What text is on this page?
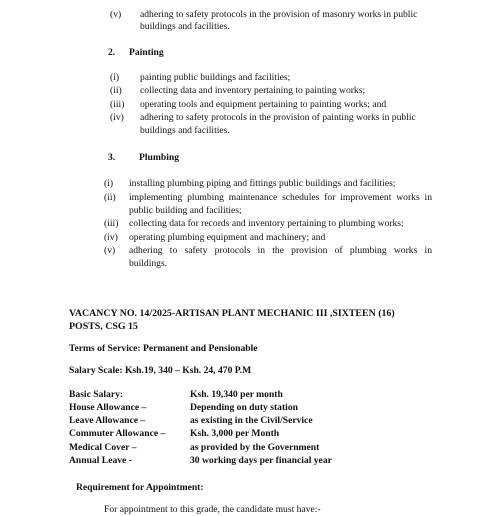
(v) adhering to safety protocols in the provision of masonry works in public
buildings and facilities.
2. Painting
(i) painting public buildings and facilities;
(ii) collecting data and inventory pertaining to painting works;
(iii) operating tools and equipment pertaining to painting works; and
(iv) adhering to safety protocols in the provision of painting works in public
buildings and facilities.
3. Plumbing
(i) installing plumbing piping and fittings public buildings and facilities;
(ii) implementing plumbing maintenance schedules for improvement works in
public building and facilities;
(iii) collecting data for records and inventory pertaining to plumbing works;
(iv) operating plumbing equipment and machinery; and
(v) adhering to safety protocols in the provision of plumbing works in
buildings.
VACANCY NO. 14/2025-ARTISAN PLANT MECHANIC III ,SIXTEEN (16)
POSTS, CSG 15
Terms of Service: Permanent and Pensionable
Salary Scale: Ksh.19, 340 – Ksh. 24, 470 P.M
Basic Salary:	Ksh. 19,340 per month
House Allowance –	Depending on duty station
Leave Allowance –	as existing in the Civil/Service
Commuter Allowance –	Ksh. 3,000 per Month
Medical Cover –	as provided by the Government
Annual Leave -	30 working days per financial year
Requirement for Appointment:
For appointment to this grade, the candidate must have:-
